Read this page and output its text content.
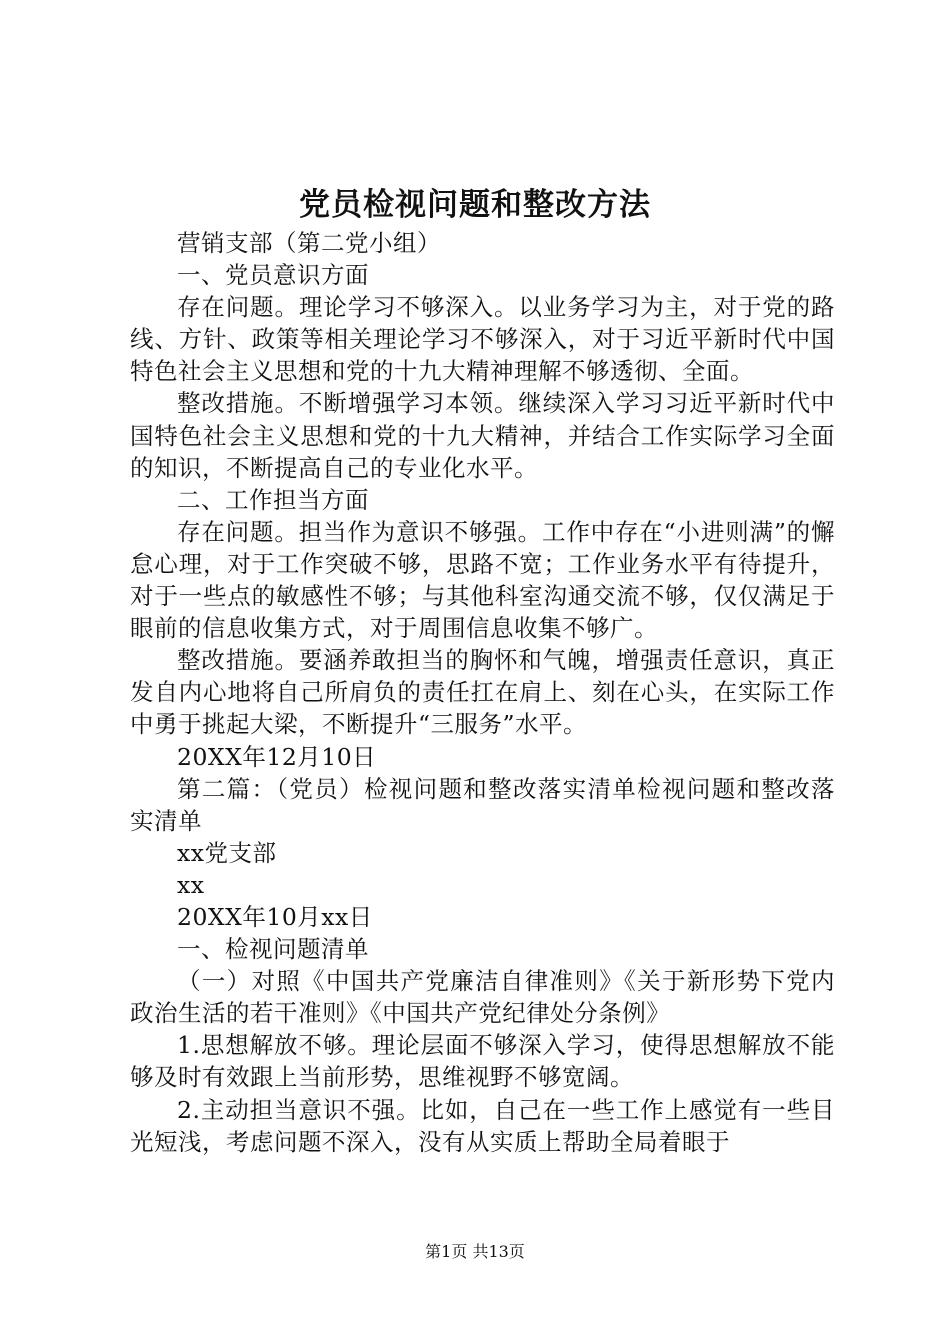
党员检视问题和整改方法

营销支部（第二党小组）

一、党员意识方面

存在问题。理论学习不够深入。以业务学习为主，对于党的路线、方针、政策等相关理论学习不够深入，对于习近平新时代中国特色社会主义思想和党的十九大精神理解不够透彻、全面。

整改措施。不断增强学习本领。继续深入学习习近平新时代中国特色社会主义思想和党的十九大精神，并结合工作实际学习全面的知识，不断提高自己的专业化水平。

二、工作担当方面

存在问题。担当作为意识不够强。工作中存在“小进则满”的懈怠心理，对于工作突破不够，思路不宽；工作业务水平有待提升，对于一些点的敏感性不够；与其他科室沟通交流不够，仅仅满足于眼前的信息收集方式，对于周围信息收集不够广。

整改措施。要涵养敢担当的胸怀和气魄，增强责任意识，真正发自内心地将自己所肩负的责任扛在肩上、刻在心头，在实际工作中勇于挑起大梁，不断提升“三服务”水平。

20XX年12月10日

第二篇：（党员）检视问题和整改落实清单检视问题和整改落实清单

xx党支部

xx

20XX年10月xx日

一、检视问题清单

（一）对照《中国共产党廉洁自律准则》《关于新形势下党内政治生活的若干准则》《中国共产党纪律处分条例》

1.思想解放不够。理论层面不够深入学习，使得思想解放不能够及时有效跟上当前形势，思维视野不够宽阔。

2.主动担当意识不强。比如，自己在一些工作上感觉有一些目光短浅，考虑问题不深入，没有从实质上帮助全局着眼于

第1页 共13页
